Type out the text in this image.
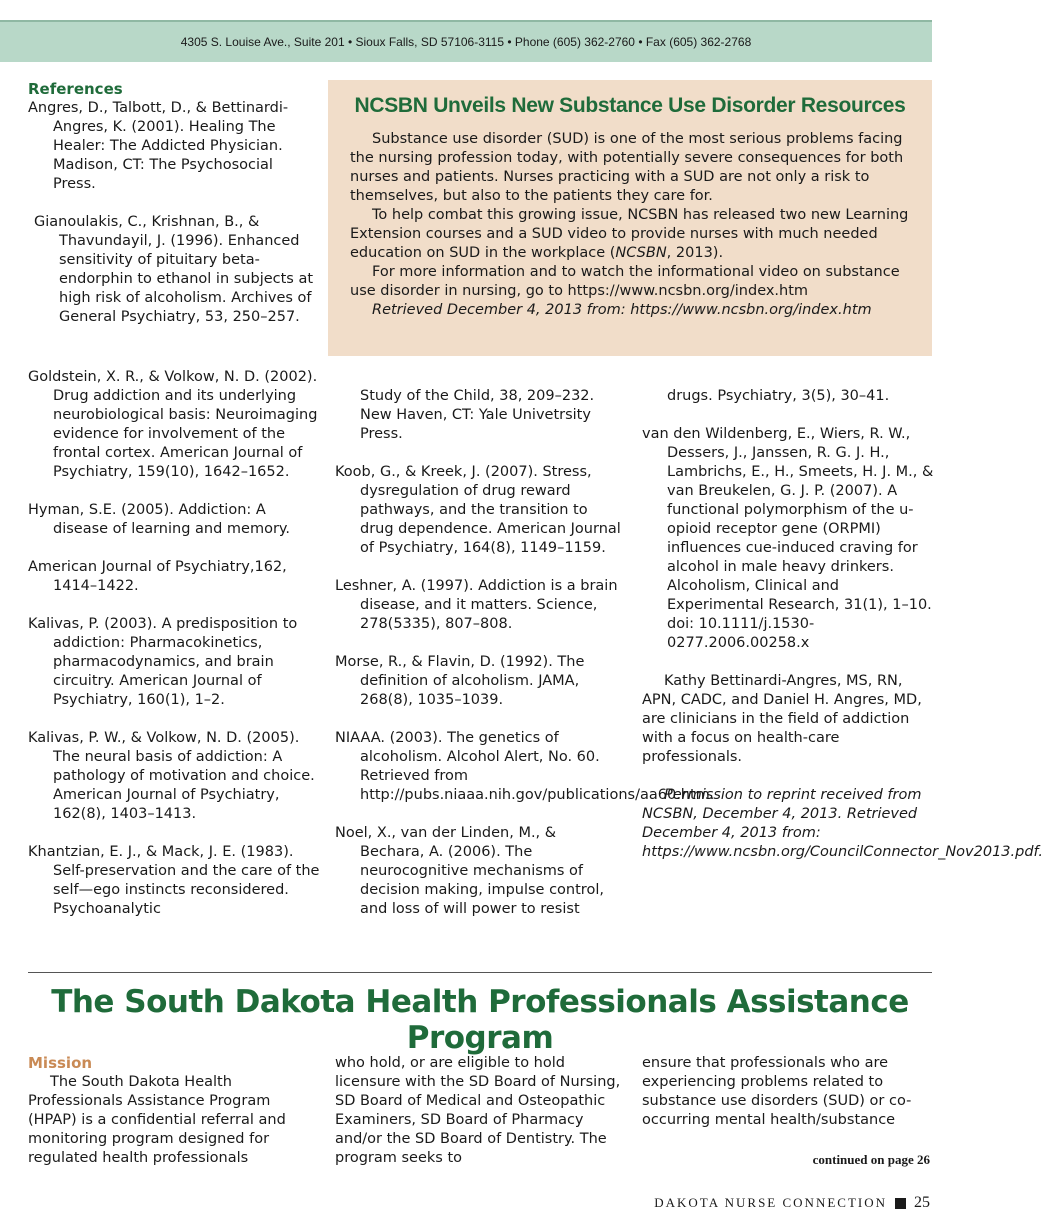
4305 S. Louise Ave., Suite 201 • Sioux Falls, SD 57106-3115 • Phone (605) 362-2760 • Fax (605) 362-2768
References

Angres, D., Talbott, D., & Bettinardi-Angres, K. (2001). Healing The Healer: The Addicted Physician. Madison, CT: The Psychosocial Press.

Gianoulakis, C., Krishnan, B., & Thavundayil, J. (1996). Enhanced sensitivity of pituitary beta-endorphin to ethanol in subjects at high risk of alcoholism. Archives of General Psychiatry, 53, 250–257.

NCSBN Unveils New Substance Use Disorder Resources

Substance use disorder (SUD) is one of the most serious problems facing the nursing profession today, with potentially severe consequences for both nurses and patients. Nurses practicing with a SUD are not only a risk to themselves, but also to the patients they care for.

To help combat this growing issue, NCSBN has released two new Learning Extension courses and a SUD video to provide nurses with much needed education on SUD in the workplace (NCSBN, 2013).

For more information and to watch the informational video on substance use disorder in nursing, go to https://www.ncsbn.org/index.htm

Retrieved December 4, 2013 from: https://www.ncsbn.org/index.htm

Goldstein, X. R., & Volkow, N. D. (2002). Drug addiction and its underlying neurobiological basis: Neuroimaging evidence for involvement of the frontal cortex. American Journal of Psychiatry, 159(10), 1642–1652.

Hyman, S.E. (2005). Addiction: A disease of learning and memory.

American Journal of Psychiatry,162, 1414–1422.

Kalivas, P. (2003). A predisposition to addiction: Pharmacokinetics, pharmacodynamics, and brain circuitry. American Journal of Psychiatry, 160(1), 1–2.

Kalivas, P. W., & Volkow, N. D. (2005). The neural basis of addiction: A pathology of motivation and choice. American Journal of Psychiatry, 162(8), 1403–1413.

Khantzian, E. J., & Mack, J. E. (1983). Self-preservation and the care of the self—ego instincts reconsidered. Psychoanalytic

Study of the Child, 38, 209–232. New Haven, CT: Yale Univetrsity Press.

Koob, G., & Kreek, J. (2007). Stress, dysregulation of drug reward pathways, and the transition to drug dependence. American Journal of Psychiatry, 164(8), 1149–1159.

Leshner, A. (1997). Addiction is a brain disease, and it matters. Science, 278(5335), 807–808.

Morse, R., & Flavin, D. (1992). The definition of alcoholism. JAMA, 268(8), 1035–1039.

NIAAA. (2003). The genetics of alcoholism. Alcohol Alert, No. 60. Retrieved from http://pubs.niaaa.nih.gov/publications/aa60.htm.

Noel, X., van der Linden, M., & Bechara, A. (2006). The neurocognitive mechanisms of decision making, impulse control, and loss of will power to resist

drugs. Psychiatry, 3(5), 30–41.

van den Wildenberg, E., Wiers, R. W., Dessers, J., Janssen, R. G. J. H., Lambrichs, E., H., Smeets, H. J. M., & van Breukelen, G. J. P. (2007). A functional polymorphism of the u-opioid receptor gene (ORPMI) influences cue-induced craving for alcohol in male heavy drinkers. Alcoholism, Clinical and Experimental Research, 31(1), 1–10. doi: 10.1111/j.1530-0277.2006.00258.x

Kathy Bettinardi-Angres, MS, RN, APN, CADC, and Daniel H. Angres, MD, are clinicians in the field of addiction with a focus on health-care professionals.

Permission to reprint received from NCSBN, December 4, 2013. Retrieved December 4, 2013 from: https://www.ncsbn.org/CouncilConnector_Nov2013.pdf.

The South Dakota Health Professionals Assistance Program
Mission

The South Dakota Health Professionals Assistance Program (HPAP) is a confidential referral and monitoring program designed for regulated health professionals

who hold, or are eligible to hold licensure with the SD Board of Nursing, SD Board of Medical and Osteopathic Examiners, SD Board of Pharmacy and/or the SD Board of Dentistry. The program seeks to

ensure that professionals who are experiencing problems related to substance use disorders (SUD) or co-occurring mental health/substance

continued on page 26
DAKOTA NURSE CONNECTION 25
